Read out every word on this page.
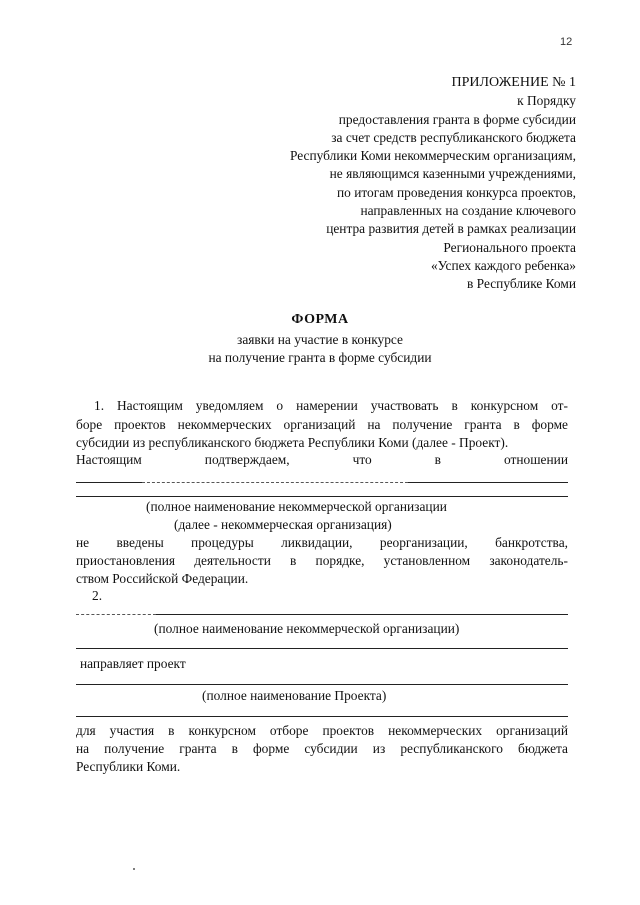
12
ПРИЛОЖЕНИЕ № 1
к Порядку
предоставления гранта в форме субсидии
за счет средств республиканского бюджета
Республики Коми некоммерческим организациям,
не являющимся казенными учреждениями,
по итогам проведения конкурса проектов,
направленных на создание ключевого
центра развития детей в рамках реализации
Регионального проекта
«Успех каждого ребенка»
в Республике Коми
ФОРМА
заявки на участие в конкурсе
на получение гранта в форме субсидии
1. Настоящим уведомляем о намерении участвовать в конкурсном от-
боре проектов некоммерческих организаций на получение гранта в форме
субсидии из республиканского бюджета Республики Коми (далее - Проект).
Настоящим подтверждаем, что в отношении
(полное наименование некоммерческой организации
(далее - некоммерческая организация)
не введены процедуры ликвидации, реорганизации, банкротства,
приостановления деятельности в порядке, установленном законодатель-
ством Российской Федерации.
2.
(полное наименование некоммерческой организации)
направляет проект
(полное наименование Проекта)
для участия в конкурсном отборе проектов некоммерческих организаций
на получение гранта в форме субсидии из республиканского бюджета
Республики Коми.
